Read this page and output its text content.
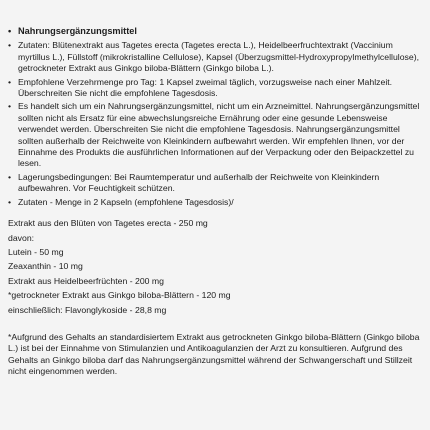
• Nahrungsergänzungsmittel
• Zutaten: Blütenextrakt aus Tagetes erecta (Tagetes erecta L.), Heidelbeerfruchtextrakt (Vaccinium myrtillus L.), Füllstoff (mikrokristalline Cellulose), Kapsel (Überzugsmittel-Hydroxypropylmethylcellulose), getrockneter Extrakt aus Ginkgo biloba-Blättern (Ginkgo biloba L.).
• Empfohlene Verzehrmenge pro Tag: 1 Kapsel zweimal täglich, vorzugsweise nach einer Mahlzeit. Überschreiten Sie nicht die empfohlene Tagesdosis.
• Es handelt sich um ein Nahrungsergänzungsmittel, nicht um ein Arzneimittel. Nahrungsergänzungsmittel sollten nicht als Ersatz für eine abwechslungsreiche Ernährung oder eine gesunde Lebensweise verwendet werden. Überschreiten Sie nicht die empfohlene Tagesdosis. Nahrungsergänzungsmittel sollten außerhalb der Reichweite von Kleinkindern aufbewahrt werden. Wir empfehlen Ihnen, vor der Einnahme des Produkts die ausführlichen Informationen auf der Verpackung oder den Beipackzettel zu lesen.
• Lagerungsbedingungen: Bei Raumtemperatur und außerhalb der Reichweite von Kleinkindern aufbewahren. Vor Feuchtigkeit schützen.
• Zutaten - Menge in 2 Kapseln (empfohlene Tagesdosis)/
Extrakt aus den Blüten von Tagetes erecta - 250 mg
davon:
Lutein - 50 mg
Zeaxanthin - 10 mg
Extrakt aus Heidelbeerfrüchten - 200 mg
*getrockneter Extrakt aus Ginkgo biloba-Blättern - 120 mg
einschließlich: Flavonglykoside - 28,8 mg
*Aufgrund des Gehalts an standardisiertem Extrakt aus getrockneten Ginkgo biloba-Blättern (Ginkgo biloba L.) ist bei der Einnahme von Stimulanzien und Antikoagulanzien der Arzt zu konsultieren. Aufgrund des Gehalts an Ginkgo biloba darf das Nahrungsergänzungsmittel während der Schwangerschaft und Stillzeit nicht eingenommen werden.
